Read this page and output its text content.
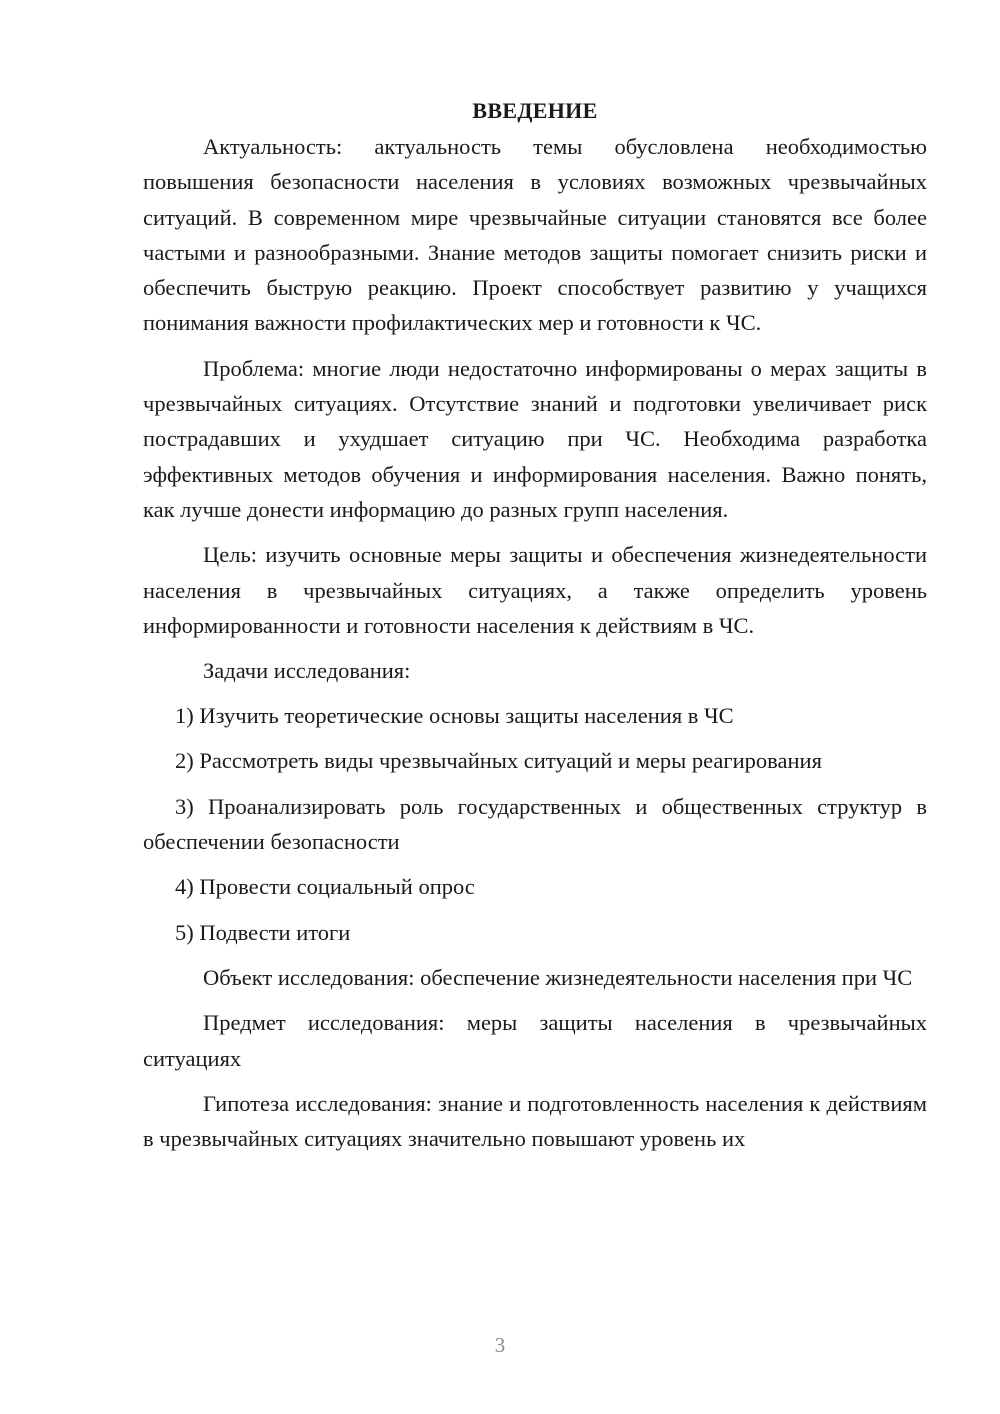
ВВЕДЕНИЕ

Актуальность: актуальность темы обусловлена необходимостью повышения безопасности населения в условиях возможных чрезвычайных ситуаций. В современном мире чрезвычайные ситуации становятся все более частыми и разнообразными. Знание методов защиты помогает снизить риски и обеспечить быструю реакцию. Проект способствует развитию у учащихся понимания важности профилактических мер и готовности к ЧС.

Проблема: многие люди недостаточно информированы о мерах защиты в чрезвычайных ситуациях. Отсутствие знаний и подготовки увеличивает риск пострадавших и ухудшает ситуацию при ЧС. Необходима разработка эффективных методов обучения и информирования населения. Важно понять, как лучше донести информацию до разных групп населения.

Цель: изучить основные меры защиты и обеспечения жизнедеятельности населения в чрезвычайных ситуациях, а также определить уровень информированности и готовности населения к действиям в ЧС.

Задачи исследования:

1) Изучить теоретические основы защиты населения в ЧС

2) Рассмотреть виды чрезвычайных ситуаций и меры реагирования

3) Проанализировать роль государственных и общественных структур в обеспечении безопасности

4) Провести социальный опрос

5) Подвести итоги

Объект исследования: обеспечение жизнедеятельности населения при ЧС

Предмет исследования: меры защиты населения в чрезвычайных ситуациях

Гипотеза исследования: знание и подготовленность населения к действиям в чрезвычайных ситуациях значительно повышают уровень их

3
